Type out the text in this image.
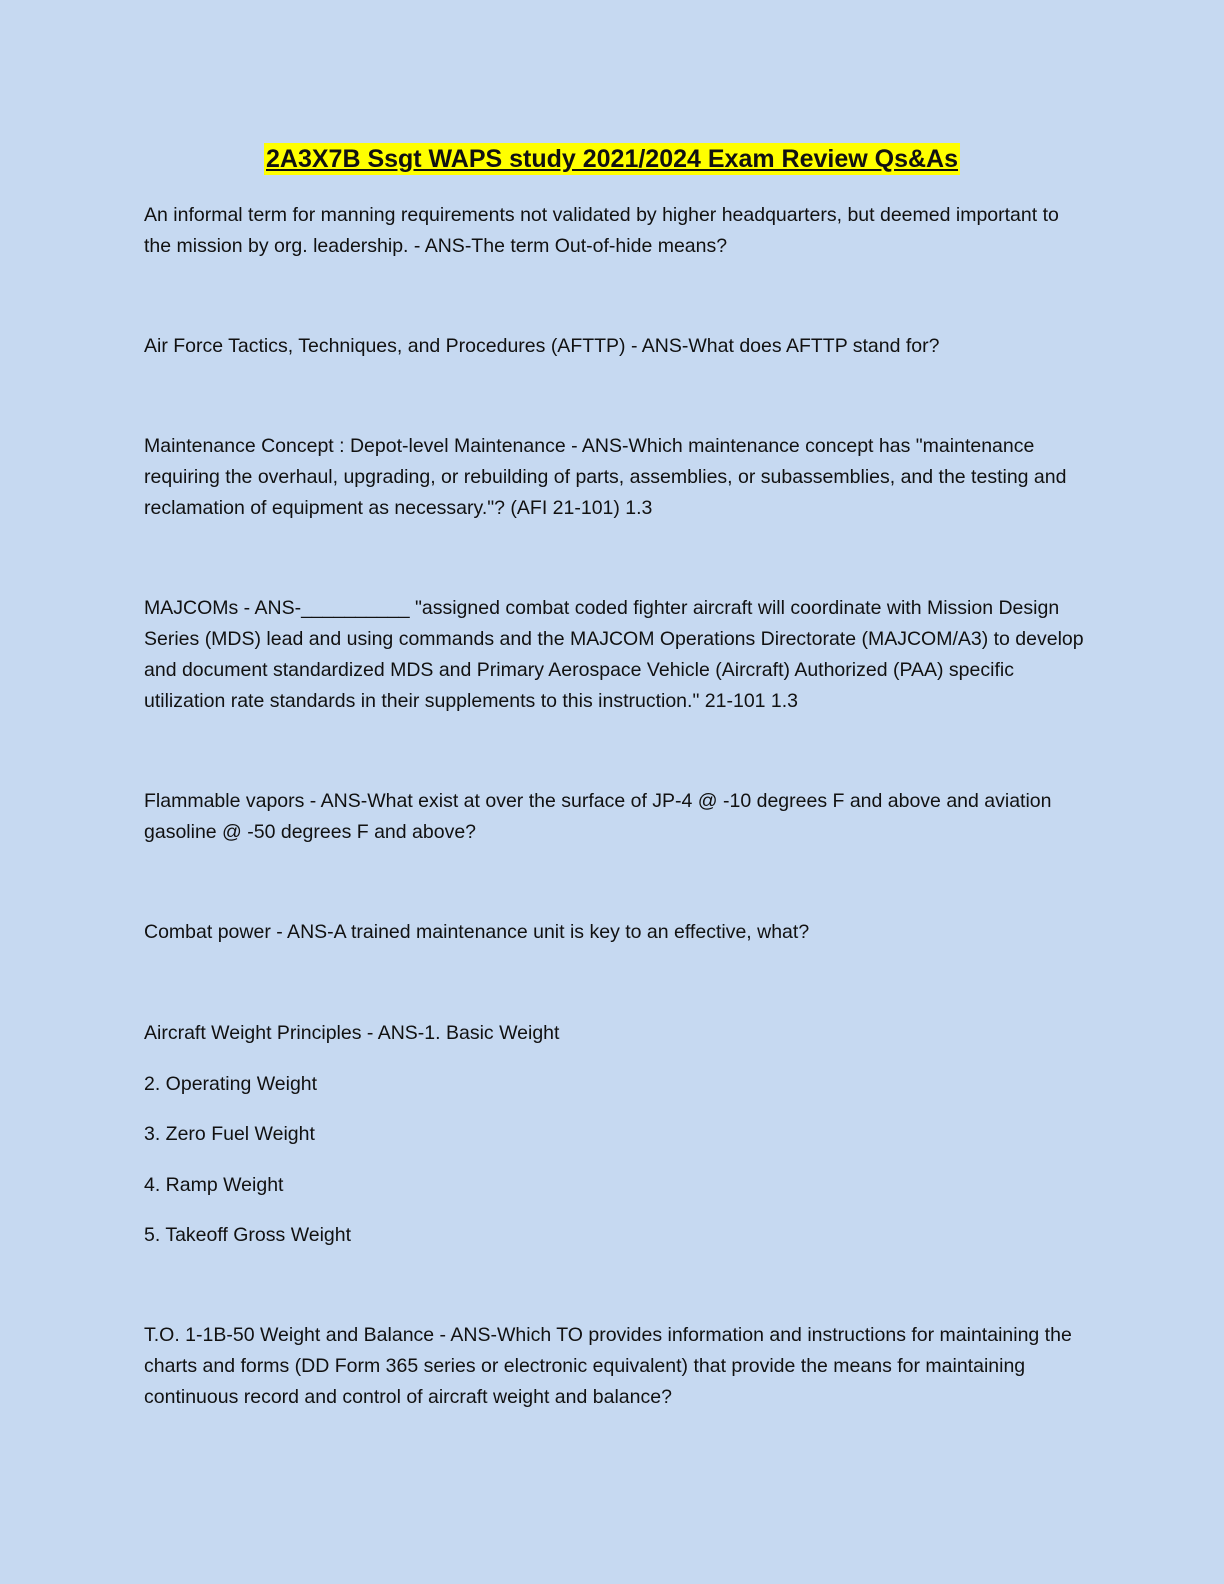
2A3X7B Ssgt WAPS study 2021/2024 Exam Review Qs&As

An informal term for manning requirements not validated by higher headquarters, but deemed important to the mission by org. leadership. - ANS-The term Out-of-hide means?

Air Force Tactics, Techniques, and Procedures (AFTTP) - ANS-What does AFTTP stand for?

Maintenance Concept : Depot-level Maintenance - ANS-Which maintenance concept has "maintenance requiring the overhaul, upgrading, or rebuilding of parts, assemblies, or subassemblies, and the testing and reclamation of equipment as necessary."? (AFI 21-101) 1.3

MAJCOMs - ANS-__________ "assigned combat coded fighter aircraft will coordinate with Mission Design Series (MDS) lead and using commands and the MAJCOM Operations Directorate (MAJCOM/A3) to develop and document standardized MDS and Primary Aerospace Vehicle (Aircraft) Authorized (PAA) specific utilization rate standards in their supplements to this instruction." 21-101 1.3

Flammable vapors - ANS-What exist at over the surface of JP-4 @ -10 degrees F and above and aviation gasoline @ -50 degrees F and above?

Combat power - ANS-A trained maintenance unit is key to an effective, what?

Aircraft Weight Principles - ANS-1. Basic Weight

2. Operating Weight

3. Zero Fuel Weight

4. Ramp Weight

5. Takeoff Gross Weight

T.O. 1-1B-50 Weight and Balance - ANS-Which TO provides information and instructions for maintaining the charts and forms (DD Form 365 series or electronic equivalent) that provide the means for maintaining continuous record and control of aircraft weight and balance?
